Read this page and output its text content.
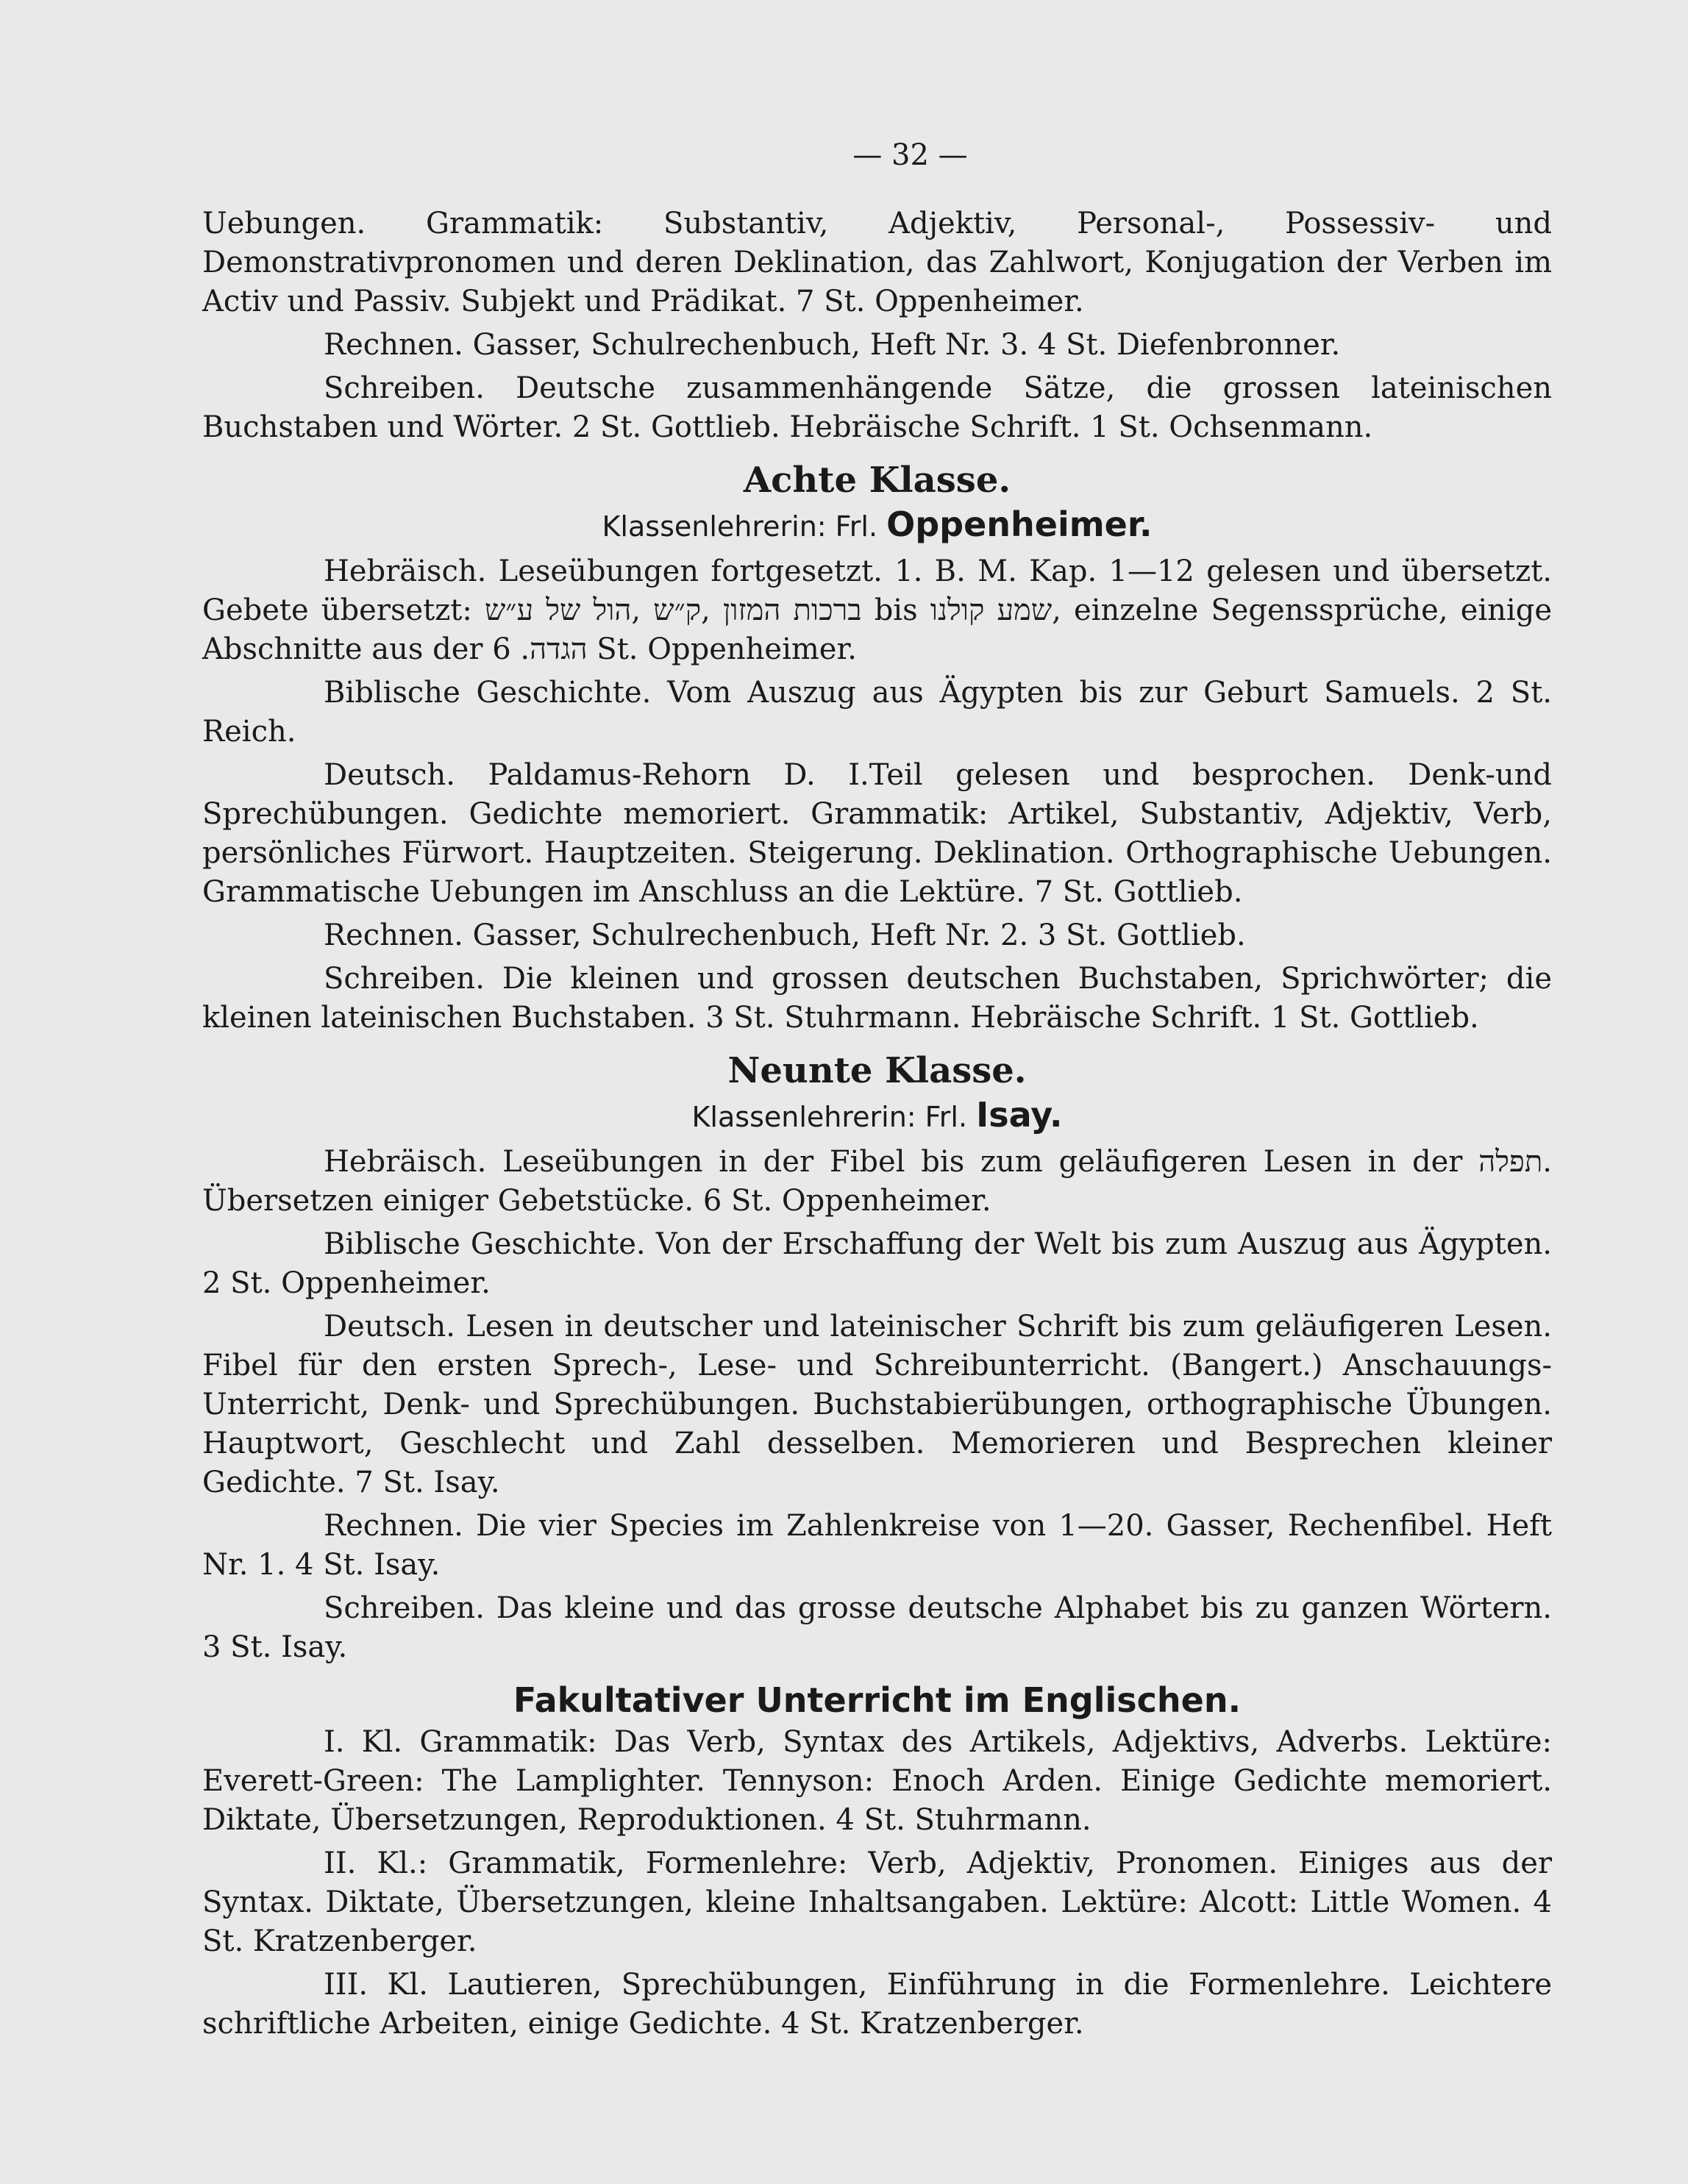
— 32 —

Uebungen. Grammatik: Substantiv, Adjektiv, Personal-, Possessiv- und Demonstrativpronomen und deren Deklination, das Zahlwort, Konjugation der Verben im Activ und Passiv. Subjekt und Prädikat. 7 St. Oppenheimer.

Rechnen. Gasser, Schulrechenbuch, Heft Nr. 3. 4 St. Diefenbronner.

Schreiben. Deutsche zusammenhängende Sätze, die grossen lateinischen Buchstaben und Wörter. 2 St. Gottlieb. Hebräische Schrift. 1 St. Ochsenmann.

Achte Klasse.
Klassenlehrerin: Frl. Oppenheimer.

Hebräisch. Leseübungen fortgesetzt. 1. B. M. Kap. 1—12 gelesen und übersetzt. Gebete übersetzt: ברכות המזון ,ק״ש ,הול של ע״ש bis שמע קולנו, einzelne Segenssprüche, einige Abschnitte aus der הגדה. 6 St. Oppenheimer.

Biblische Geschichte. Vom Auszug aus Ägypten bis zur Geburt Samuels. 2 St. Reich.

Deutsch. Paldamus-Rehorn D. I.Teil gelesen und besprochen. Denk-und Sprechübungen. Gedichte memoriert. Grammatik: Artikel, Substantiv, Adjektiv, Verb, persönliches Fürwort. Hauptzeiten. Steigerung. Deklination. Orthographische Uebungen. Grammatische Uebungen im Anschluss an die Lektüre. 7 St. Gottlieb.

Rechnen. Gasser, Schulrechenbuch, Heft Nr. 2. 3 St. Gottlieb.

Schreiben. Die kleinen und grossen deutschen Buchstaben, Sprichwörter; die kleinen lateinischen Buchstaben. 3 St. Stuhrmann. Hebräische Schrift. 1 St. Gottlieb.

Neunte Klasse.
Klassenlehrerin: Frl. Isay.

Hebräisch. Leseübungen in der Fibel bis zum geläufigeren Lesen in der תפלה. Übersetzen einiger Gebetstücke. 6 St. Oppenheimer.

Biblische Geschichte. Von der Erschaffung der Welt bis zum Auszug aus Ägypten. 2 St. Oppenheimer.

Deutsch. Lesen in deutscher und lateinischer Schrift bis zum geläufigeren Lesen. Fibel für den ersten Sprech-, Lese- und Schreibunterricht. (Bangert.) Anschauungs-Unterricht, Denk- und Sprechübungen. Buchstabierübungen, orthographische Übungen. Hauptwort, Geschlecht und Zahl desselben. Memorieren und Besprechen kleiner Gedichte. 7 St. Isay.

Rechnen. Die vier Species im Zahlenkreise von 1—20. Gasser, Rechenfibel. Heft Nr. 1. 4 St. Isay.

Schreiben. Das kleine und das grosse deutsche Alphabet bis zu ganzen Wörtern. 3 St. Isay.

Fakultativer Unterricht im Englischen.

I. Kl. Grammatik: Das Verb, Syntax des Artikels, Adjektivs, Adverbs. Lektüre: Everett-Green: The Lamplighter. Tennyson: Enoch Arden. Einige Gedichte memoriert. Diktate, Übersetzungen, Reproduktionen. 4 St. Stuhrmann.

II. Kl.: Grammatik, Formenlehre: Verb, Adjektiv, Pronomen. Einiges aus der Syntax. Diktate, Übersetzungen, kleine Inhaltsangaben. Lektüre: Alcott: Little Women. 4 St. Kratzenberger.

III. Kl. Lautieren, Sprechübungen, Einführung in die Formenlehre. Leichtere schriftliche Arbeiten, einige Gedichte. 4 St. Kratzenberger.
